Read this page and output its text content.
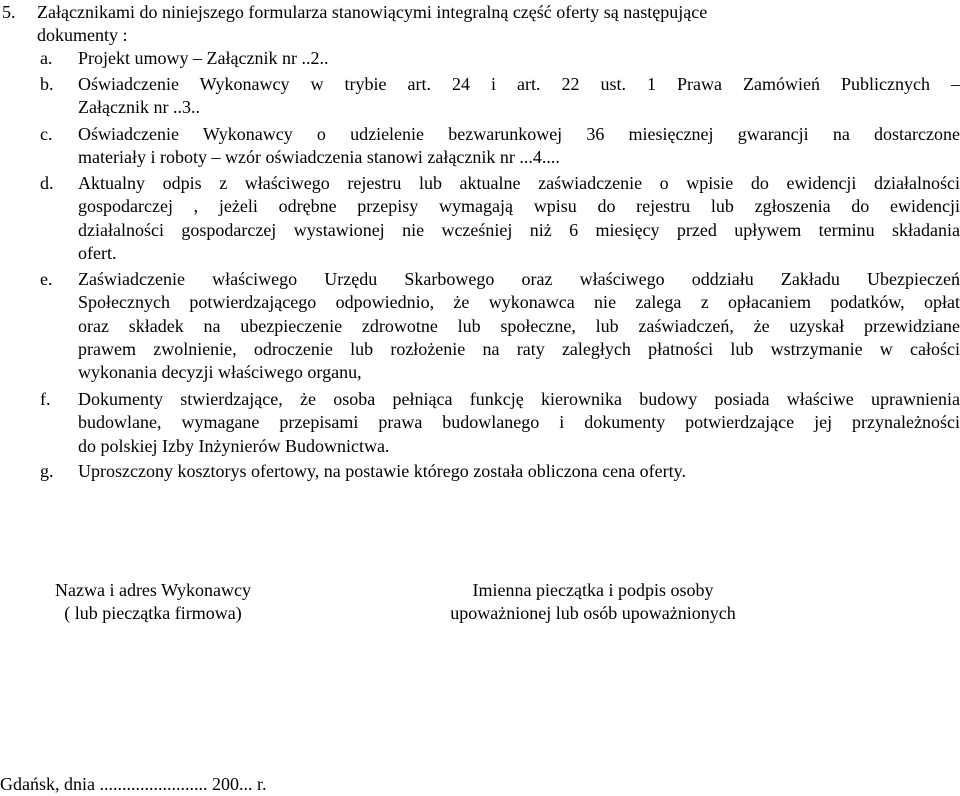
5. Załącznikami do niniejszego formularza stanowiącymi integralną część oferty są następujące
dokumenty :
a. Projekt umowy – Załącznik nr ..2..
b. Oświadczenie Wykonawcy w trybie art. 24 i art. 22 ust. 1 Prawa Zamówień Publicznych –
Załącznik nr ..3..
c. Oświadczenie Wykonawcy o udzielenie bezwarunkowej 36 miesięcznej gwarancji na dostarczone
materiały i roboty – wzór oświadczenia stanowi załącznik nr ...4....
d. Aktualny odpis z właściwego rejestru lub aktualne zaświadczenie o wpisie do ewidencji działalności
gospodarczej , jeżeli odrębne przepisy wymagają wpisu do rejestru lub zgłoszenia do ewidencji
działalności gospodarczej wystawionej nie wcześniej niż 6 miesięcy przed upływem terminu składania
ofert.
e. Zaświadczenie właściwego Urzędu Skarbowego oraz właściwego oddziału Zakładu Ubezpieczeń
Społecznych potwierdzającego odpowiednio, że wykonawca nie zalega z opłacaniem podatków, opłat
oraz składek na ubezpieczenie zdrowotne lub społeczne, lub zaświadczeń, że uzyskał przewidziane
prawem zwolnienie, odroczenie lub rozłożenie na raty zaległych płatności lub wstrzymanie w całości
wykonania decyzji właściwego organu,
f. Dokumenty stwierdzające, że osoba pełniąca funkcję kierownika budowy posiada właściwe uprawnienia
budowlane, wymagane przepisami prawa budowlanego i dokumenty potwierdzające jej przynależności
do polskiej Izby Inżynierów Budownictwa.
g. Uproszczony kosztorys ofertowy, na postawie którego została obliczona cena oferty.
Nazwa i adres Wykonawcy
( lub pieczątka firmowa)
Imienna pieczątka i podpis osoby
upoważnionej lub osób upoważnionych
Gdańsk, dnia ........................ 200... r.
